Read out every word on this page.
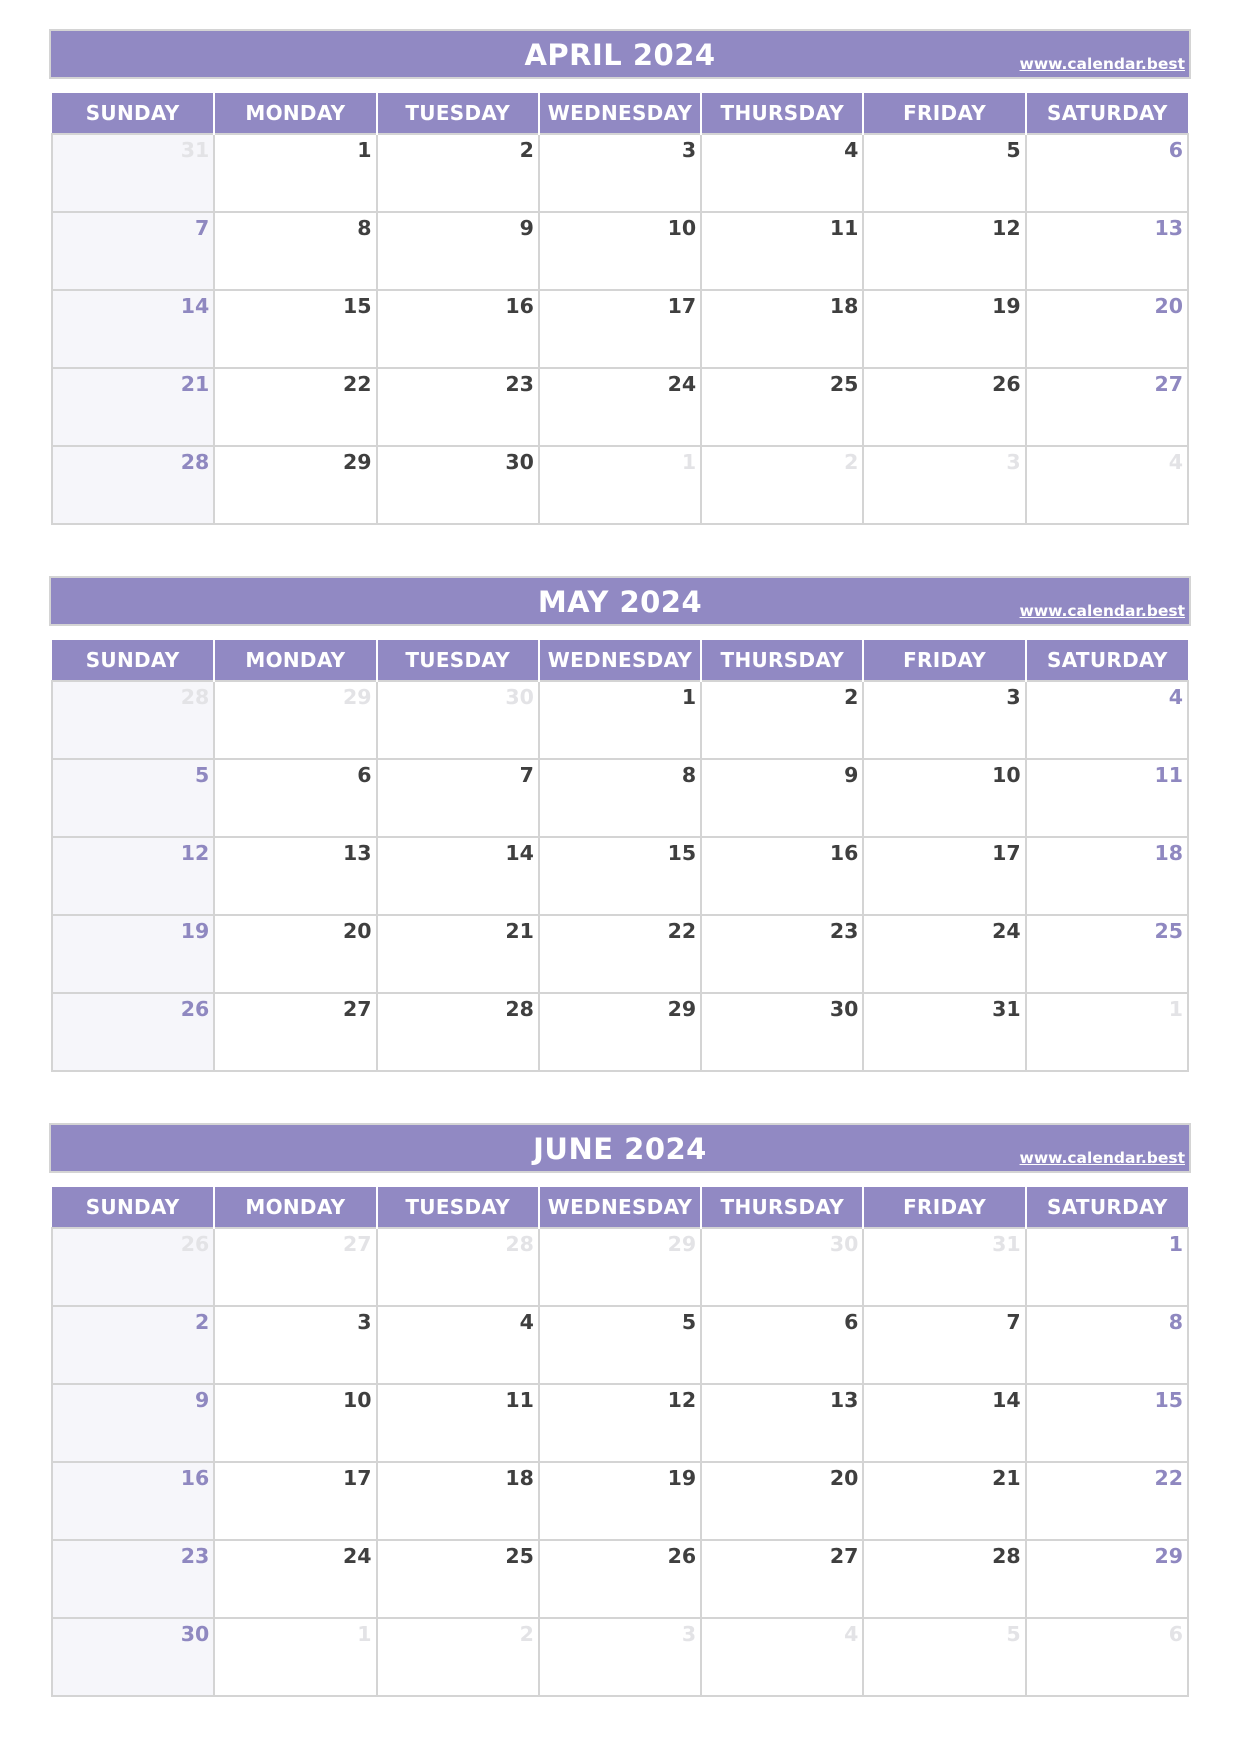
APRIL 2024	www.calendar.best
SUNDAY	MONDAY	TUESDAY	WEDNESDAY	THURSDAY	FRIDAY	SATURDAY
31	1	2	3	4	5	6
7	8	9	10	11	12	13
14	15	16	17	18	19	20
21	22	23	24	25	26	27
28	29	30	1	2	3	4
MAY 2024	www.calendar.best
SUNDAY	MONDAY	TUESDAY	WEDNESDAY	THURSDAY	FRIDAY	SATURDAY
28	29	30	1	2	3	4
5	6	7	8	9	10	11
12	13	14	15	16	17	18
19	20	21	22	23	24	25
26	27	28	29	30	31	1
JUNE 2024	www.calendar.best
SUNDAY	MONDAY	TUESDAY	WEDNESDAY	THURSDAY	FRIDAY	SATURDAY
26	27	28	29	30	31	1
2	3	4	5	6	7	8
9	10	11	12	13	14	15
16	17	18	19	20	21	22
23	24	25	26	27	28	29
30	1	2	3	4	5	6
